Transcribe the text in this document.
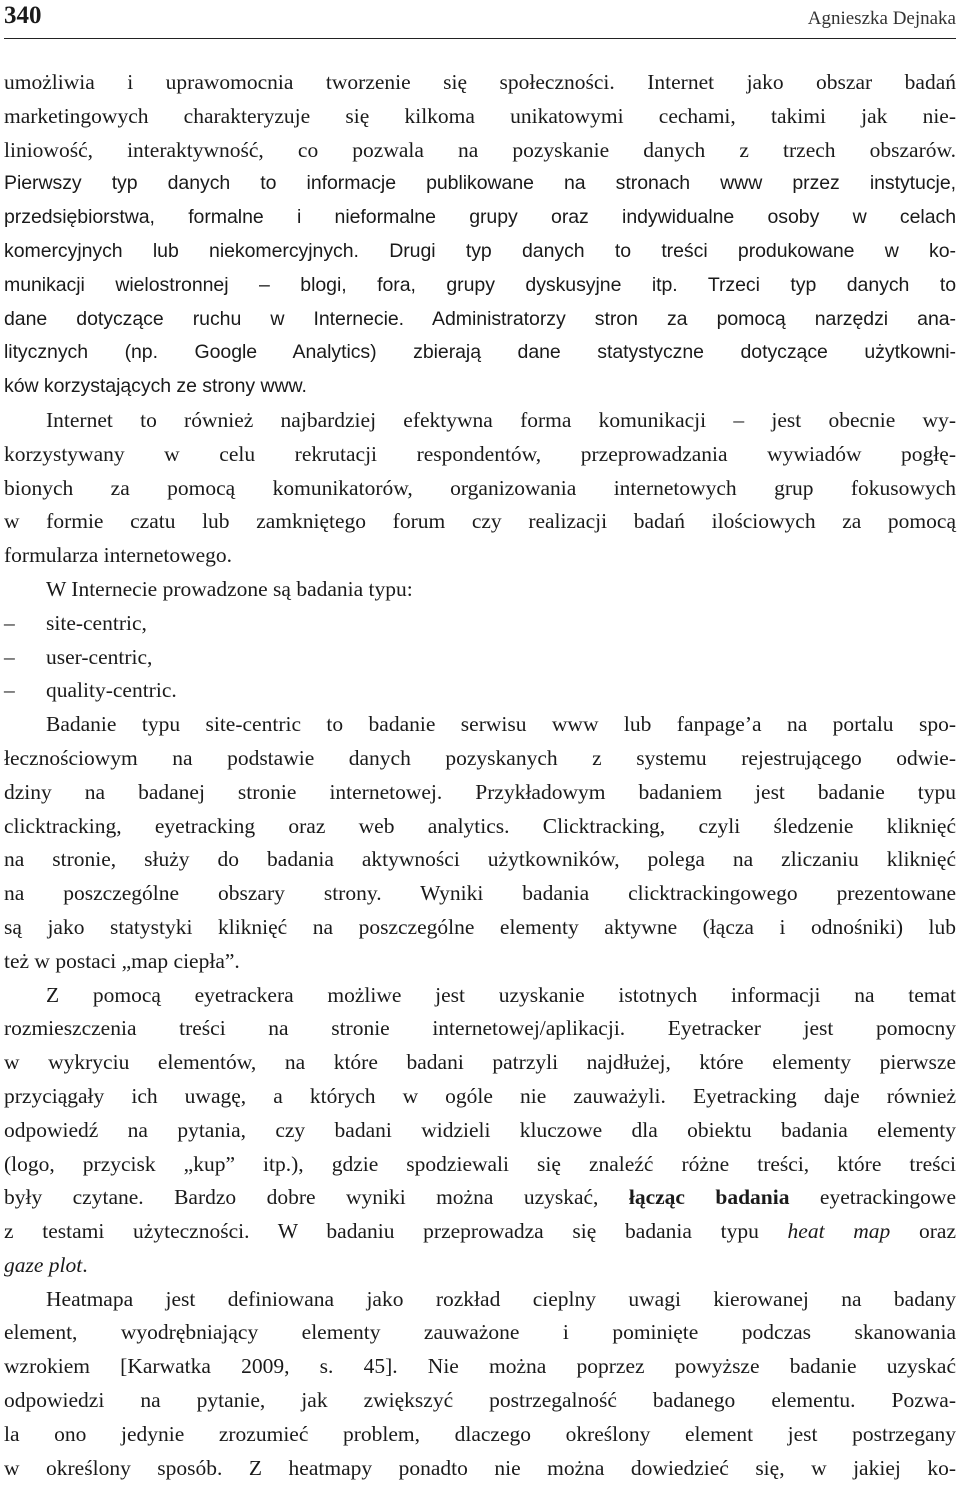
340	Agnieszka Dejnaka
umożliwia i uprawomocnia tworzenie się społeczności. Internet jako obszar badań
marketingowych charakteryzuje się kilkoma unikatowymi cechami, takimi jak nie-
liniowość, interaktywność, co pozwala na pozyskanie danych z trzech obszarów.
Pierwszy typ danych to informacje publikowane na stronach www przez instytucje,
przedsiębiorstwa, formalne i nieformalne grupy oraz indywidualne osoby w celach
komercyjnych lub niekomercyjnych. Drugi typ danych to treści produkowane w ko-
munikacji wielostronnej – blogi, fora, grupy dyskusyjne itp. Trzeci typ danych to
dane dotyczące ruchu w Internecie. Administratorzy stron za pomocą narzędzi ana-
litycznych (np. Google Analytics) zbierają dane statystyczne dotyczące użytkowni-
ków korzystających ze strony www.
Internet to również najbardziej efektywna forma komunikacji – jest obecnie wy-
korzystywany w celu rekrutacji respondentów, przeprowadzania wywiadów pogłę-
bionych za pomocą komunikatorów, organizowania internetowych grup fokusowych
w formie czatu lub zamkniętego forum czy realizacji badań ilościowych za pomocą
formularza internetowego.
W Internecie prowadzone są badania typu:
– site-centric,
– user-centric,
– quality-centric.
Badanie typu site-centric to badanie serwisu www lub fanpage’a na portalu spo-
łecznościowym na podstawie danych pozyskanych z systemu rejestrującego odwie-
dziny na badanej stronie internetowej. Przykładowym badaniem jest badanie typu
clicktracking, eyetracking oraz web analytics. Clicktracking, czyli śledzenie kliknięć
na stronie, służy do badania aktywności użytkowników, polega na zliczaniu kliknięć
na poszczególne obszary strony. Wyniki badania clicktrackingowego prezentowane
są jako statystyki kliknięć na poszczególne elementy aktywne (łącza i odnośniki) lub
też w postaci „map ciepła”.
Z pomocą eyetrackera możliwe jest uzyskanie istotnych informacji na temat
rozmieszczenia treści na stronie internetowej/aplikacji. Eyetracker jest pomocny
w wykryciu elementów, na które badani patrzyli najdłużej, które elementy pierwsze
przyciągały ich uwagę, a których w ogóle nie zauważyli. Eyetracking daje również
odpowiedź na pytania, czy badani widzieli kluczowe dla obiektu badania elementy
(logo, przycisk „kup” itp.), gdzie spodziewali się znaleźć różne treści, które treści
były czytane. Bardzo dobre wyniki można uzyskać, łącząc badania eyetrackingowe
z testami użyteczności. W badaniu przeprowadza się badania typu heat map oraz
gaze plot.
Heatmapa jest definiowana jako rozkład cieplny uwagi kierowanej na badany
element, wyodrębniający elementy zauważone i pominięte podczas skanowania
wzrokiem [Karwatka 2009, s. 45]. Nie można poprzez powyższe badanie uzyskać
odpowiedzi na pytanie, jak zwiększyć postrzegalność badanego elementu. Pozwa-
la ono jedynie zrozumieć problem, dlaczego określony element jest postrzegany
w określony sposób. Z heatmapy ponadto nie można dowiedzieć się, w jakiej ko-
